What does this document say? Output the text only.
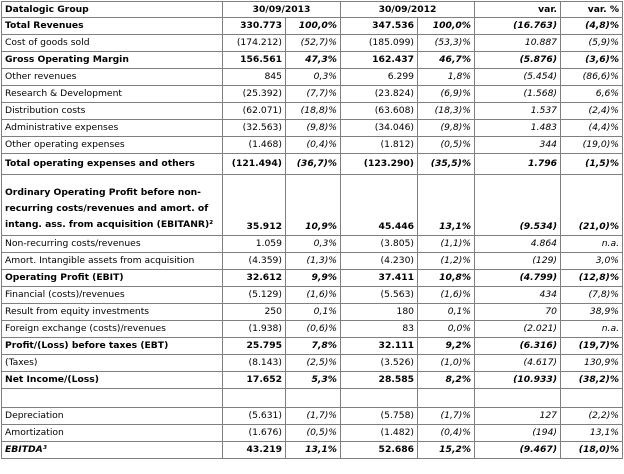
Datalogic Group	30/09/2013		30/09/2012		var.	var. %
Total Revenues	330.773	100,0%	347.536	100,0%	(16.763)	(4,8)%
Cost of goods sold	(174.212)	(52,7)%	(185.099)	(53,3)%	10.887	(5,9)%
Gross Operating Margin	156.561	47,3%	162.437	46,7%	(5.876)	(3,6)%
Other revenues	845	0,3%	6.299	1,8%	(5.454)	(86,6)%
Research & Development	(25.392)	(7,7)%	(23.824)	(6,9)%	(1.568)	6,6%
Distribution costs	(62.071)	(18,8)%	(63.608)	(18,3)%	1.537	(2,4)%
Administrative expenses	(32.563)	(9,8)%	(34.046)	(9,8)%	1.483	(4,4)%
Other operating expenses	(1.468)	(0,4)%	(1.812)	(0,5)%	344	(19,0)%
Total operating expenses and others	(121.494)	(36,7)%	(123.290)	(35,5)%	1.796	(1,5)%
Ordinary Operating Profit before non-recurring costs/revenues and amort. of intang. ass. from acquisition (EBITANR)²	35.912	10,9%	45.446	13,1%	(9.534)	(21,0)%
Non-recurring costs/revenues	1.059	0,3%	(3.805)	(1,1)%	4.864	n.a.
Amort. Intangible assets from acquisition	(4.359)	(1,3)%	(4.230)	(1,2)%	(129)	3,0%
Operating Profit (EBIT)	32.612	9,9%	37.411	10,8%	(4.799)	(12,8)%
Financial (costs)/revenues	(5.129)	(1,6)%	(5.563)	(1,6)%	434	(7,8)%
Result from equity investments	250	0,1%	180	0,1%	70	38,9%
Foreign exchange (costs)/revenues	(1.938)	(0,6)%	83	0,0%	(2.021)	n.a.
Profit/(Loss) before taxes (EBT)	25.795	7,8%	32.111	9,2%	(6.316)	(19,7)%
(Taxes)	(8.143)	(2,5)%	(3.526)	(1,0)%	(4.617)	130,9%
Net Income/(Loss)	17.652	5,3%	28.585	8,2%	(10.933)	(38,2)%

Depreciation	(5.631)	(1,7)%	(5.758)	(1,7)%	127	(2,2)%
Amortization	(1.676)	(0,5)%	(1.482)	(0,4)%	(194)	13,1%
EBITDA³	43.219	13,1%	52.686	15,2%	(9.467)	(18,0)%
